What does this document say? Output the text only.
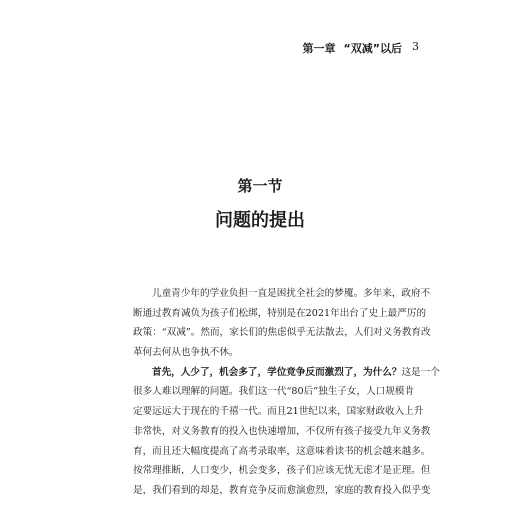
第一章 “双减”以后 3
第一节
问题的提出
儿童青少年的学业负担一直是困扰全社会的梦魇。多年来，政府不
断通过教育减负为孩子们松绑，特别是在2021年出台了史上最严厉的
政策：“双减”。然而，家长们的焦虑似乎无法散去，人们对义务教育改
革何去何从也争执不休。
首先，人少了，机会多了，学位竞争反而激烈了，为什么？这是一个
很多人难以理解的问题。我们这一代“80后”独生子女，人口规模肯
定要远远大于现在的千禧一代。而且21世纪以来，国家财政收入上升
非常快，对义务教育的投入也快速增加，不仅所有孩子接受九年义务教
育，而且还大幅度提高了高考录取率，这意味着读书的机会越来越多。
按常理推断，人口变少，机会变多，孩子们应该无忧无虑才是正理。但
是，我们看到的却是，教育竞争反而愈演愈烈，家庭的教育投入似乎变
